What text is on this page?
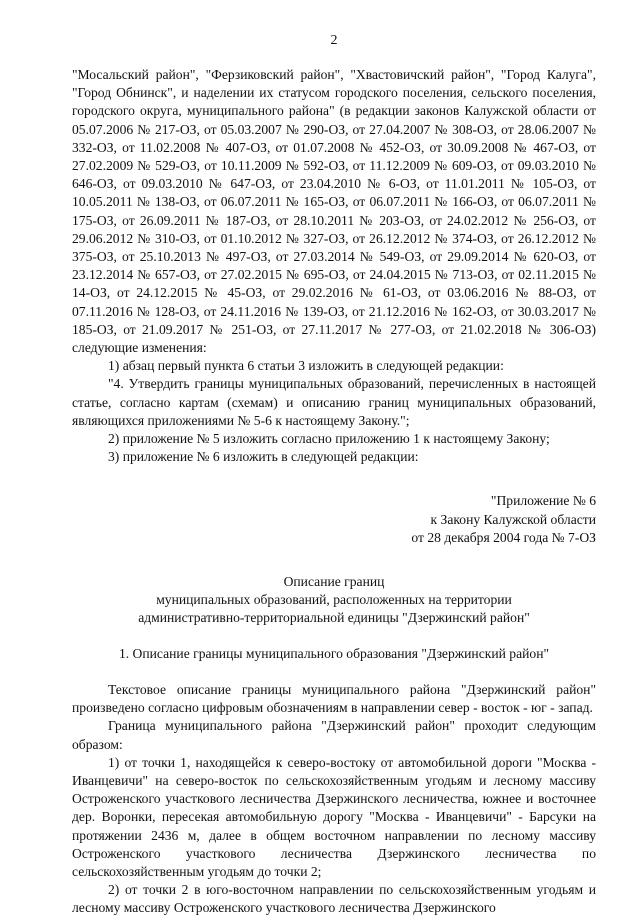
2

"Мосальский район", "Ферзиковский район", "Хвастовичский район", "Город Калуга", "Город Обнинск", и наделении их статусом городского поселения, сельского поселения, городского округа, муниципального района" (в редакции законов Калужской области от 05.07.2006 № 217-ОЗ, от 05.03.2007 № 290-ОЗ, от 27.04.2007 № 308-ОЗ, от 28.06.2007 № 332-ОЗ, от 11.02.2008 № 407-ОЗ, от 01.07.2008 № 452-ОЗ, от 30.09.2008 № 467-ОЗ, от 27.02.2009 № 529-ОЗ, от 10.11.2009 № 592-ОЗ, от 11.12.2009 № 609-ОЗ, от 09.03.2010 № 646-ОЗ, от 09.03.2010 № 647-ОЗ, от 23.04.2010 № 6-ОЗ, от 11.01.2011 № 105-ОЗ, от 10.05.2011 № 138-ОЗ, от 06.07.2011 № 165-ОЗ, от 06.07.2011 № 166-ОЗ, от 06.07.2011 № 175-ОЗ, от 26.09.2011 № 187-ОЗ, от 28.10.2011 № 203-ОЗ, от 24.02.2012 № 256-ОЗ, от 29.06.2012 № 310-ОЗ, от 01.10.2012 № 327-ОЗ, от 26.12.2012 № 374-ОЗ, от 26.12.2012 № 375-ОЗ, от 25.10.2013 № 497-ОЗ, от 27.03.2014 № 549-ОЗ, от 29.09.2014 № 620-ОЗ, от 23.12.2014 № 657-ОЗ, от 27.02.2015 № 695-ОЗ, от 24.04.2015 № 713-ОЗ, от 02.11.2015 № 14-ОЗ, от 24.12.2015 № 45-ОЗ, от 29.02.2016 № 61-ОЗ, от 03.06.2016 № 88-ОЗ, от 07.11.2016 № 128-ОЗ, от 24.11.2016 № 139-ОЗ, от 21.12.2016 № 162-ОЗ, от 30.03.2017 № 185-ОЗ, от 21.09.2017 № 251-ОЗ, от 27.11.2017 № 277-ОЗ, от 21.02.2018 № 306-ОЗ) следующие изменения:

1) абзац первый пункта 6 статьи 3 изложить в следующей редакции:

"4. Утвердить границы муниципальных образований, перечисленных в настоящей статье, согласно картам (схемам) и описанию границ муниципальных образований, являющихся приложениями № 5-6 к настоящему Закону.";

2) приложение № 5 изложить согласно приложению 1 к настоящему Закону;

3) приложение № 6 изложить в следующей редакции:

"Приложение № 6
к Закону Калужской области
от 28 декабря 2004 года № 7-ОЗ
Описание границ
муниципальных образований, расположенных на территории
административно-территориальной единицы "Дзержинский район"
1. Описание границы муниципального образования "Дзержинский район"

Текстовое описание границы муниципального района "Дзержинский район" произведено согласно цифровым обозначениям в направлении север - восток - юг - запад.

Граница муниципального района "Дзержинский район" проходит следующим образом:

1) от точки 1, находящейся к северо-востоку от автомобильной дороги "Москва - Иванцевичи" на северо-восток по сельскохозяйственным угодьям и лесному массиву Остроженского участкового лесничества Дзержинского лесничества, южнее и восточнее дер. Воронки, пересекая автомобильную дорогу "Москва - Иванцевичи" - Барсуки на протяжении 2436 м, далее в общем восточном направлении по лесному массиву Остроженского участкового лесничества Дзержинского лесничества по сельскохозяйственным угодьям до точки 2;

2) от точки 2 в юго-восточном направлении по сельскохозяйственным угодьям и лесному массиву Остроженского участкового лесничества Дзержинского
